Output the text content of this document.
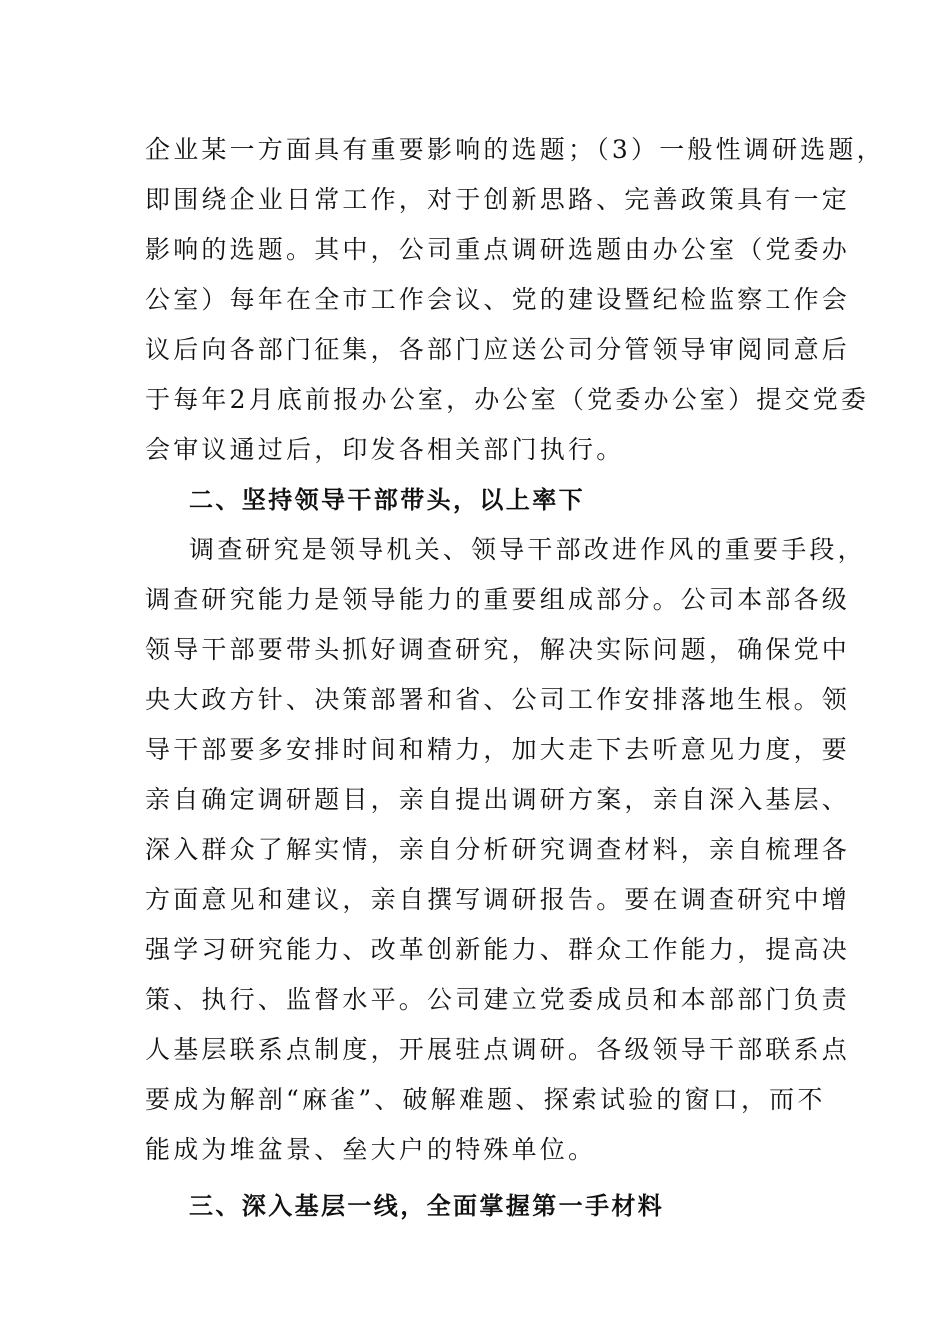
企业某一方面具有重要影响的选题；（3）一般性调研选题，
即围绕企业日常工作，对于创新思路、完善政策具有一定
影响的选题。其中，公司重点调研选题由办公室（党委办
公室）每年在全市工作会议、党的建设暨纪检监察工作会
议后向各部门征集，各部门应送公司分管领导审阅同意后
于每年2月底前报办公室，办公室（党委办公室）提交党委
会审议通过后，印发各相关部门执行。

二、坚持领导干部带头，以上率下

调查研究是领导机关、领导干部改进作风的重要手段，
调查研究能力是领导能力的重要组成部分。公司本部各级
领导干部要带头抓好调查研究，解决实际问题，确保党中
央大政方针、决策部署和省、公司工作安排落地生根。领
导干部要多安排时间和精力，加大走下去听意见力度，要
亲自确定调研题目，亲自提出调研方案，亲自深入基层、
深入群众了解实情，亲自分析研究调查材料，亲自梳理各
方面意见和建议，亲自撰写调研报告。要在调查研究中增
强学习研究能力、改革创新能力、群众工作能力，提高决
策、执行、监督水平。公司建立党委成员和本部部门负责
人基层联系点制度，开展驻点调研。各级领导干部联系点
要成为解剖“麻雀”、破解难题、探索试验的窗口，而不
能成为堆盆景、垒大户的特殊单位。

三、深入基层一线，全面掌握第一手材料
